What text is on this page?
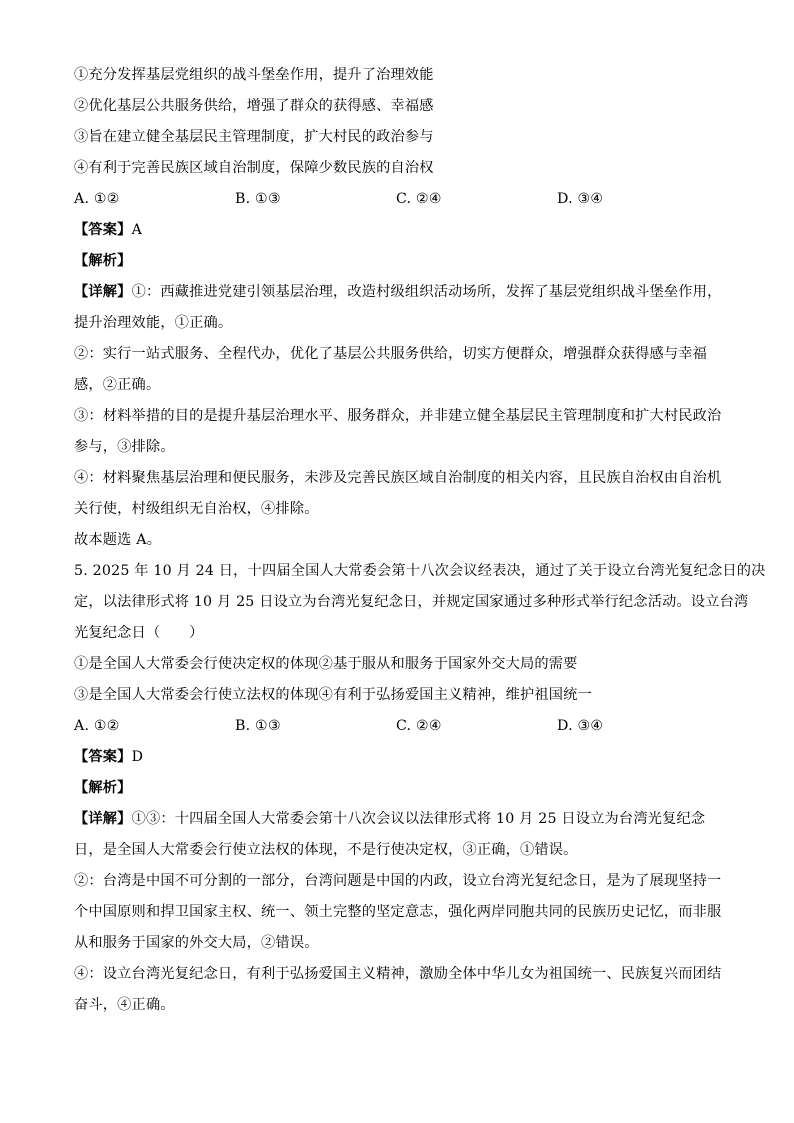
①充分发挥基层党组织的战斗堡垒作用，提升了治理效能
②优化基层公共服务供给，增强了群众的获得感、幸福感
③旨在建立健全基层民主管理制度，扩大村民的政治参与
④有利于完善民族区域自治制度，保障少数民族的自治权
A. ①②	B. ①③	C. ②④	D. ③④
【答案】A
【解析】
【详解】①：西藏推进党建引领基层治理，改造村级组织活动场所，发挥了基层党组织战斗堡垒作用，提升治理效能，①正确。
②：实行一站式服务、全程代办，优化了基层公共服务供给，切实方便群众，增强群众获得感与幸福感，②正确。
③：材料举措的目的是提升基层治理水平、服务群众，并非建立健全基层民主管理制度和扩大村民政治参与，③排除。
④：材料聚焦基层治理和便民服务，未涉及完善民族区域自治制度的相关内容，且民族自治权由自治机关行使，村级组织无自治权，④排除。
故本题选 A。
5. 2025 年 10 月 24 日，十四届全国人大常委会第十八次会议经表决，通过了关于设立台湾光复纪念日的决
定，以法律形式将 10 月 25 日设立为台湾光复纪念日，并规定国家通过多种形式举行纪念活动。设立台湾
光复纪念日（　　）
①是全国人大常委会行使决定权的体现②基于服从和服务于国家外交大局的需要
③是全国人大常委会行使立法权的体现④有利于弘扬爱国主义精神，维护祖国统一
A. ①②	B. ①③	C. ②④	D. ③④
【答案】D
【解析】
【详解】①③：十四届全国人大常委会第十八次会议以法律形式将 10 月 25 日设立为台湾光复纪念日，是全国人大常委会行使立法权的体现，不是行使决定权，③正确，①错误。
②：台湾是中国不可分割的一部分，台湾问题是中国的内政，设立台湾光复纪念日，是为了展现坚持一个中国原则和捍卫国家主权、统一、领土完整的坚定意志，强化两岸同胞共同的民族历史记忆，而非服从和服务于国家的外交大局，②错误。
④：设立台湾光复纪念日，有利于弘扬爱国主义精神，激励全体中华儿女为祖国统一、民族复兴而团结奋斗，④正确。
